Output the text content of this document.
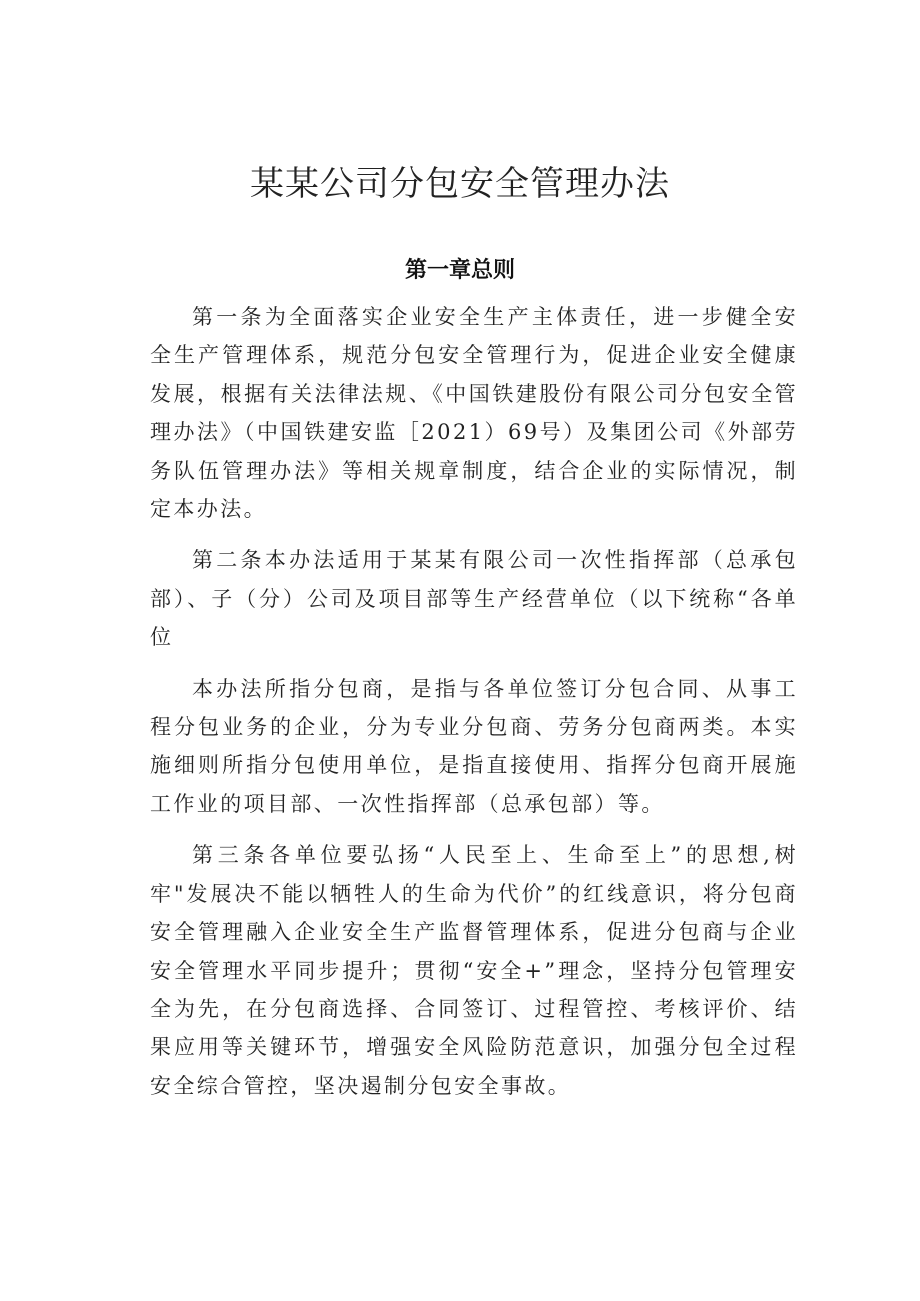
某某公司分包安全管理办法
第一章总则

第一条为全面落实企业安全生产主体责任，进一步健全安全生产管理体系，规范分包安全管理行为，促进企业安全健康发展，根据有关法律法规、《中国铁建股份有限公司分包安全管理办法》（中国铁建安监［2021）69号）及集团公司《外部劳务队伍管理办法》等相关规章制度，结合企业的实际情况，制定本办法。

第二条本办法适用于某某有限公司一次性指挥部（总承包部）、子（分）公司及项目部等生产经营单位（以下统称“各单位

本办法所指分包商，是指与各单位签订分包合同、从事工程分包业务的企业，分为专业分包商、劳务分包商两类。本实施细则所指分包使用单位，是指直接使用、指挥分包商开展施工作业的项目部、一次性指挥部（总承包部）等。

第三条各单位要弘扬“人民至上、生命至上”的思想,树牢"发展决不能以牺牲人的生命为代价”的红线意识，将分包商安全管理融入企业安全生产监督管理体系，促进分包商与企业安全管理水平同步提升；贯彻“安全+”理念，坚持分包管理安全为先，在分包商选择、合同签订、过程管控、考核评价、结果应用等关键环节，增强安全风险防范意识，加强分包全过程安全综合管控，坚决遏制分包安全事故。
